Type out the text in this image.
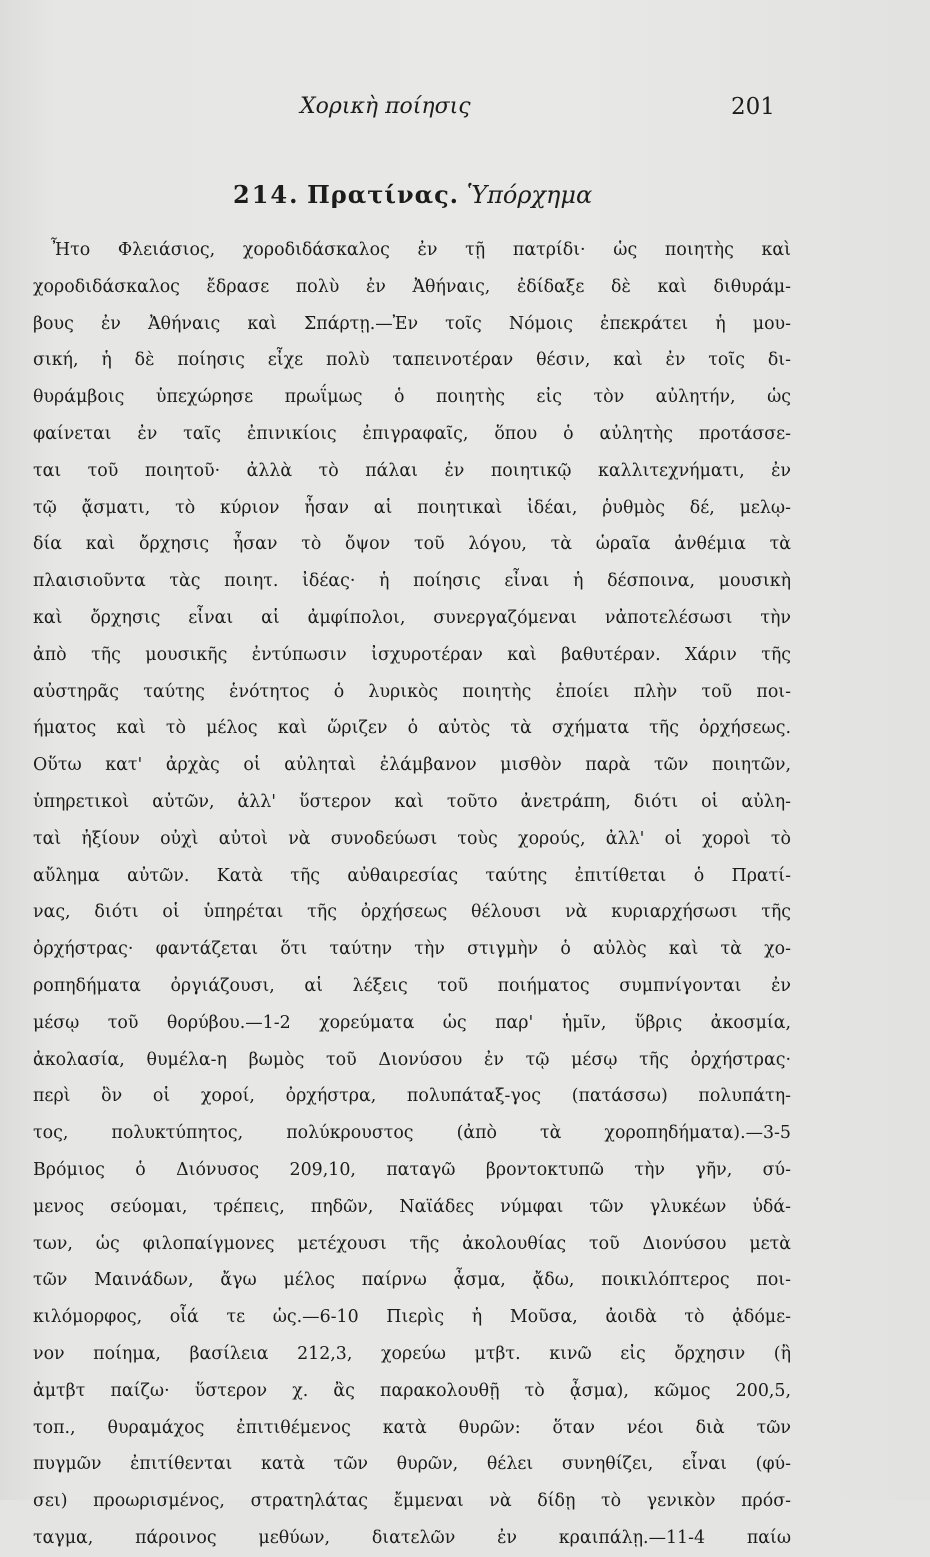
Χορικὴ ποίησις	201
214. Πρατίνας. Ὑπόρχημα
Ἦτο Φλειάσιος, χοροδιδάσκαλος ἐν τῇ πατρίδι· ὡς ποιητὴς καὶ
χοροδιδάσκαλος ἔδρασε πολὺ ἐν Ἀθήναις, ἐδίδαξε δὲ καὶ διθυράμ-
βους ἐν Ἀθήναις καὶ Σπάρτῃ.—Ἐν τοῖς Νόμοις ἐπεκράτει ἡ μου-
σική, ἡ δὲ ποίησις εἶχε πολὺ ταπεινοτέραν θέσιν, καὶ ἐν τοῖς δι-
θυράμβοις ὑπεχώρησε πρωΐμως ὁ ποιητὴς εἰς τὸν αὐλητήν, ὡς
φαίνεται ἐν ταῖς ἐπινικίοις ἐπιγραφαῖς, ὅπου ὁ αὐλητὴς προτάσσε-
ται τοῦ ποιητοῦ· ἀλλὰ τὸ πάλαι ἐν ποιητικῷ καλλιτεχνήματι, ἐν
τῷ ᾄσματι, τὸ κύριον ἦσαν αἱ ποιητικαὶ ἰδέαι, ῥυθμὸς δέ, μελῳ-
δία καὶ ὄρχησις ἦσαν τὸ ὄψον τοῦ λόγου, τὰ ὡραῖα ἀνθέμια τὰ
πλαισιοῦντα τὰς ποιητ. ἰδέας· ἡ ποίησις εἶναι ἡ δέσποινα, μουσικὴ
καὶ ὄρχησις εἶναι αἱ ἀμφίπολοι, συνεργαζόμεναι νἀποτελέσωσι τὴν
ἀπὸ τῆς μουσικῆς ἐντύπωσιν ἰσχυροτέραν καὶ βαθυτέραν. Χάριν τῆς
αὐστηρᾶς ταύτης ἑνότητος ὁ λυρικὸς ποιητὴς ἐποίει πλὴν τοῦ ποι-
ήματος καὶ τὸ μέλος καὶ ὥριζεν ὁ αὐτὸς τὰ σχήματα τῆς ὀρχήσεως.
Οὕτω κατ' ἀρχὰς οἱ αὐληταὶ ἐλάμβανον μισθὸν παρὰ τῶν ποιητῶν,
ὑπηρετικοὶ αὐτῶν, ἀλλ' ὕστερον καὶ τοῦτο ἀνετράπη, διότι οἱ αὐλη-
ταὶ ἠξίουν οὐχὶ αὐτοὶ νὰ συνοδεύωσι τοὺς χορούς, ἀλλ' οἱ χοροὶ τὸ
αὔλημα αὐτῶν. Κατὰ τῆς αὐθαιρεσίας ταύτης ἐπιτίθεται ὁ Πρατί-
νας, διότι οἱ ὑπηρέται τῆς ὀρχήσεως θέλουσι νὰ κυριαρχήσωσι τῆς
ὀρχήστρας· φαντάζεται ὅτι ταύτην τὴν στιγμὴν ὁ αὐλὸς καὶ τὰ χο-
ροπηδήματα ὀργιάζουσι, αἱ λέξεις τοῦ ποιήματος συμπνίγονται ἐν
μέσῳ τοῦ θορύβου.—1-2 χορεύματα ὡς παρ' ἡμῖν, ὕβρις ἀκοσμία,
ἀκολασία, θυμέλα-η βωμὸς τοῦ Διονύσου ἐν τῷ μέσῳ τῆς ὀρχήστρας·
περὶ ὃν οἱ χοροί, ὀρχήστρα, πολυπάταξ-γος (πατάσσω) πολυπάτη-
τος, πολυκτύπητος, πολύκρουστος (ἀπὸ τὰ χοροπηδήματα).—3-5
Βρόμιος ὁ Διόνυσος 209,10, παταγῶ βροντοκτυπῶ τὴν γῆν, σύ-
μενος σεύομαι, τρέπεις, πηδῶν, Ναϊάδες νύμφαι τῶν γλυκέων ὑδά-
των, ὡς φιλοπαίγμονες μετέχουσι τῆς ἀκολουθίας τοῦ Διονύσου μετὰ
τῶν Μαινάδων, ἄγω μέλος παίρνω ᾆσμα, ᾄδω, ποικιλόπτερος ποι-
κιλόμορφος, οἷά τε ὡς.—6-10 Πιερὶς ἡ Μοῦσα, ἀοιδὰ τὸ ᾀδόμε-
νον ποίημα, βασίλεια 212,3, χορεύω μτβτ. κινῶ εἰς ὄρχησιν (ἢ
ἀμτβτ παίζω· ὕστερον χ. ἂς παρακολουθῇ τὸ ᾆσμα), κῶμος 200,5,
τοπ., θυραμάχος ἐπιτιθέμενος κατὰ θυρῶν: ὅταν νέοι διὰ τῶν
πυγμῶν ἐπιτίθενται κατὰ τῶν θυρῶν, θέλει συνηθίζει, εἶναι (φύ-
σει) προωρισμένος, στρατηλάτας ἔμμεναι νὰ δίδῃ τὸ γενικὸν πρόσ-
ταγμα, πάροινος μεθύων, διατελῶν ἐν κραιπάλῃ.—11-4 παίω
